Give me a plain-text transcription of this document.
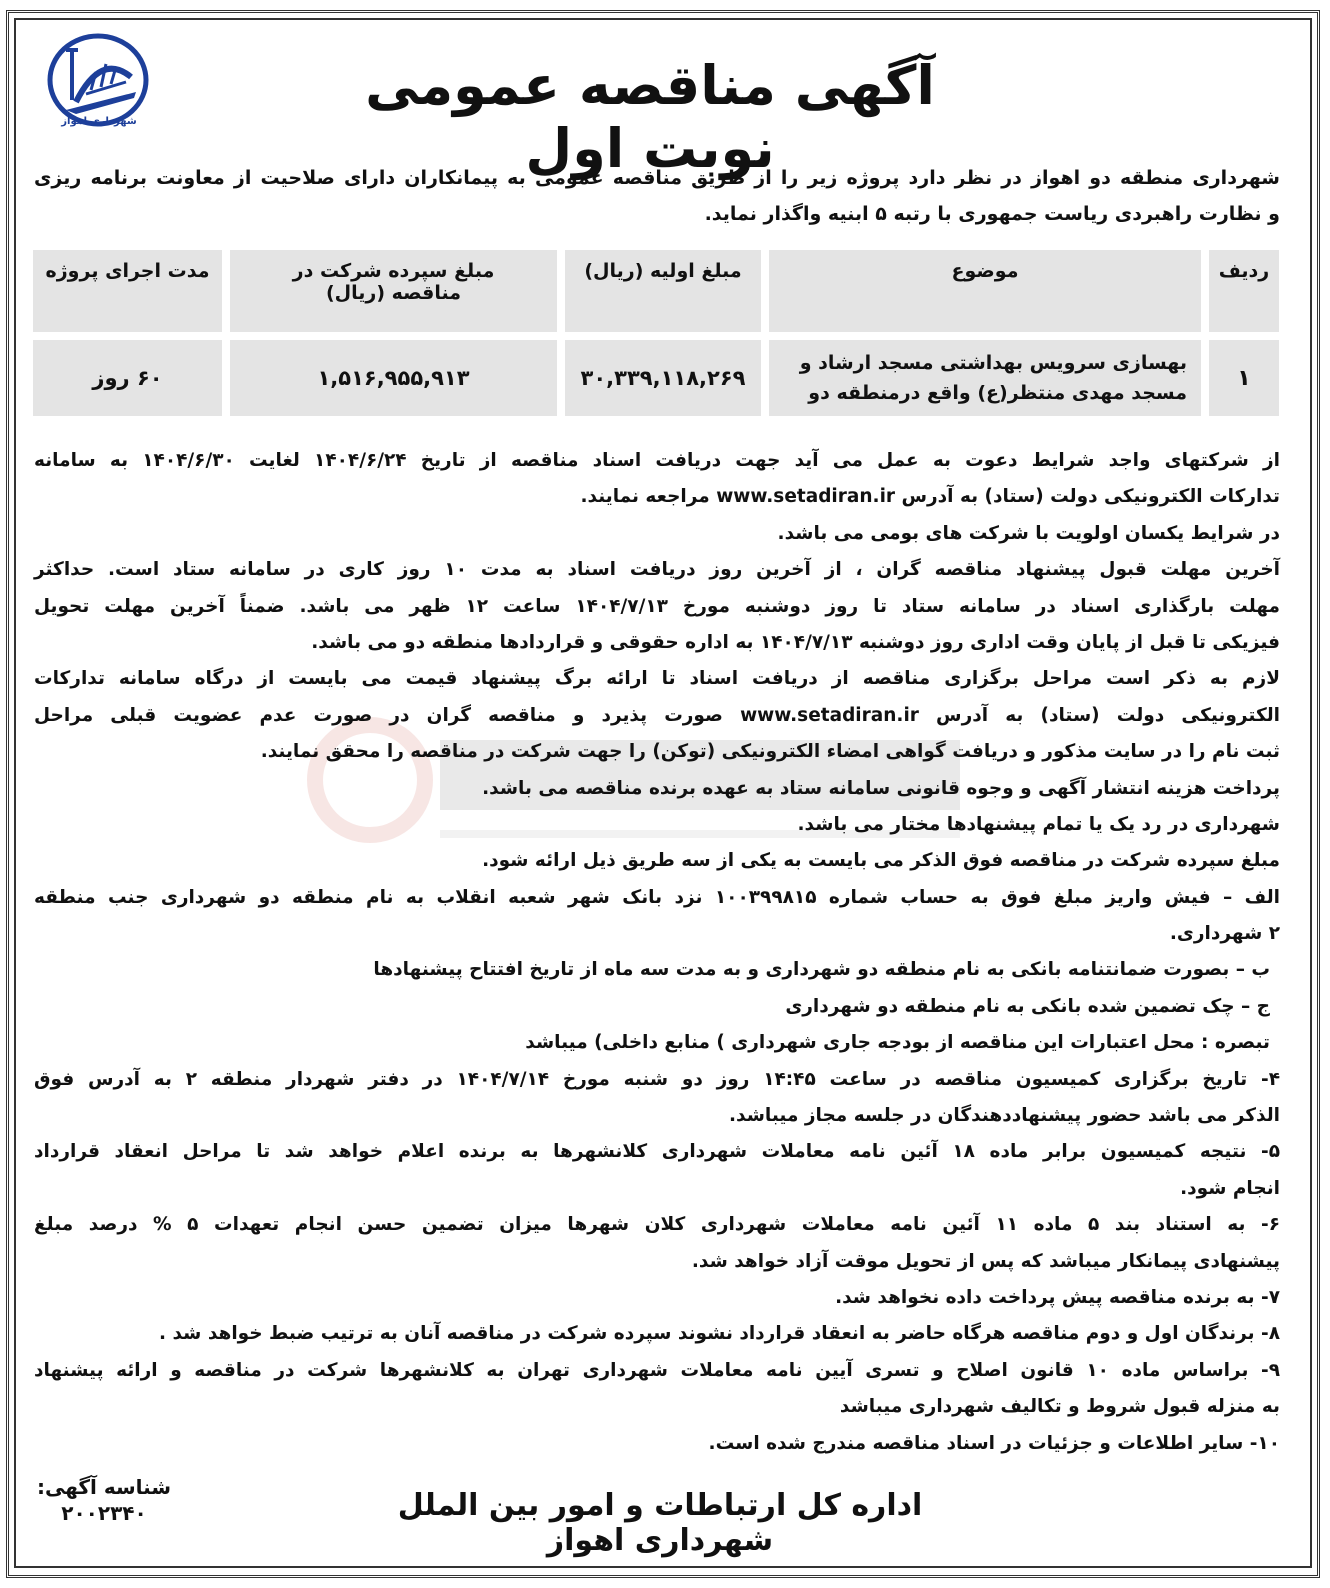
شهرداری اهواز
آگهی مناقصه عمومی نوبت اول
شهرداری منطقه دو اهواز در نظر دارد پروژه زیر را از طریق مناقصه عمومی به پیمانکاران دارای صلاحیت از معاونت برنامه ریزی
و نظارت راهبردی ریاست جمهوری با رتبه ۵ ابنیه واگذار نماید.
ردیف
موضوع
مبلغ اولیه (ریال)
مبلغ سپرده شرکت در مناقصه (ریال)
مدت اجرای پروژه
۱
بهسازی سرویس بهداشتی مسجد ارشاد و مسجد مهدی منتظر(ع) واقع درمنطقه دو
۳۰,۳۳۹,۱۱۸,۲۶۹
۱,۵۱۶,۹۵۵,۹۱۳
۶۰ روز
از شرکتهای واجد شرایط دعوت به عمل می آید جهت دریافت اسناد مناقصه از تاریخ ۱۴۰۴/۶/۲۴ لغایت ۱۴۰۴/۶/۳۰ به سامانه
تدارکات الکترونیکی دولت (ستاد) به آدرس www.setadiran.ir مراجعه نمایند.
در شرایط یکسان اولویت با شرکت های بومی می باشد.
آخرین مهلت قبول پیشنهاد مناقصه گران ، از آخرین روز دریافت اسناد به مدت ۱۰ روز کاری در سامانه ستاد است. حداکثر
مهلت بارگذاری اسناد در سامانه ستاد تا روز دوشنبه مورخ ۱۴۰۴/۷/۱۳ ساعت ۱۲ ظهر می باشد. ضمناً آخرین مهلت تحویل
فیزیکی تا قبل از پایان وقت اداری روز دوشنبه ۱۴۰۴/۷/۱۳ به اداره حقوقی و قراردادها منطقه دو می باشد.
لازم به ذکر است مراحل برگزاری مناقصه از دریافت اسناد تا ارائه برگ پیشنهاد قیمت می بایست از درگاه سامانه تدارکات
الکترونیکی دولت (ستاد) به آدرس www.setadiran.ir صورت پذیرد و مناقصه گران در صورت عدم عضویت قبلی مراحل
ثبت نام را در سایت مذکور و دریافت گواهی امضاء الکترونیکی (توکن) را جهت شرکت در مناقصه را محقق نمایند.
پرداخت هزینه انتشار آگهی و وجوه قانونی سامانه ستاد به عهده برنده مناقصه می باشد.
شهرداری در رد یک یا تمام پیشنهادها مختار می باشد.
مبلغ سپرده شرکت در مناقصه فوق الذکر می بایست به یکی از سه طریق ذیل ارائه شود.
الف – فیش واریز مبلغ فوق به حساب شماره ۱۰۰۳۹۹۸۱۵ نزد بانک شهر شعبه انقلاب به نام منطقه دو شهرداری جنب منطقه
۲ شهرداری.
ب – بصورت ضمانتنامه بانکی به نام منطقه دو شهرداری و به مدت سه ماه از تاریخ افتتاح پیشنهادها
ج – چک تضمین شده بانکی به نام منطقه دو شهرداری
تبصره : محل اعتبارات این مناقصه از بودجه جاری شهرداری ) منابع داخلی) میباشد
۴- تاریخ برگزاری کمیسیون مناقصه در ساعت ۱۴:۴۵ روز دو شنبه مورخ ۱۴۰۴/۷/۱۴ در دفتر شهردار منطقه ۲ به آدرس فوق
الذکر می باشد حضور پیشنهاددهندگان در جلسه مجاز میباشد.
۵- نتیجه کمیسیون برابر ماده ۱۸ آئین نامه معاملات شهرداری کلانشهرها به برنده اعلام خواهد شد تا مراحل انعقاد قرارداد
انجام شود.
۶- به استناد بند ۵ ماده ۱۱ آئین نامه معاملات شهرداری کلان شهرها میزان تضمین حسن انجام تعهدات ۵ % درصد مبلغ
پیشنهادی پیمانکار میباشد که پس از تحویل موقت آزاد خواهد شد.
۷- به برنده مناقصه پیش پرداخت داده نخواهد شد.
۸- برندگان اول و دوم مناقصه هرگاه حاضر به انعقاد قرارداد نشوند سپرده شرکت در مناقصه آنان به ترتیب ضبط خواهد شد .
۹- براساس ماده ۱۰ قانون اصلاح و تسری آیین نامه معاملات شهرداری تهران به کلانشهرها شرکت در مناقصه و ارائه پیشنهاد
به منزله قبول شروط و تکالیف شهرداری میباشد
۱۰- سایر اطلاعات و جزئیات در اسناد مناقصه مندرج شده است.
شناسه آگهی:
۲۰۰۲۳۴۰	اداره کل ارتباطات و امور بین الملل شهرداری اهواز
